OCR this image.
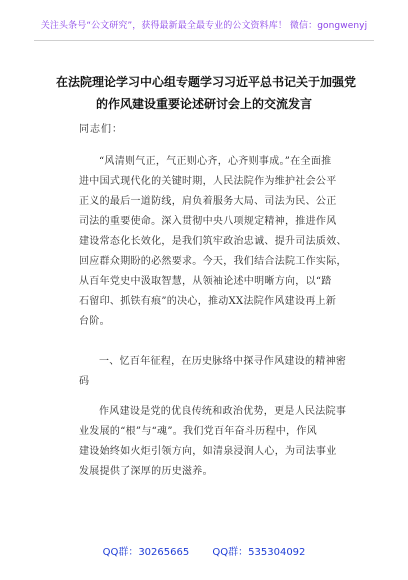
关注头条号“公文研究”，获得最新最全最专业的公文资料库！ 微信：gongwenyj
在法院理论学习中心组专题学习习近平总书记关于加强党
的作风建设重要论述研讨会上的交流发言
同志们：
“风清则气正，气正则心齐，心齐则事成。”在全面推
进中国式现代化的关键时期，人民法院作为维护社会公平
正义的最后一道防线，肩负着服务大局、司法为民、公正
司法的重要使命。深入贯彻中央八项规定精神，推进作风
建设常态化长效化，是我们筑牢政治忠诚、提升司法质效、
回应群众期盼的必然要求。今天，我们结合法院工作实际，
从百年党史中汲取智慧，从领袖论述中明晰方向，以“踏
石留印、抓铁有痕”的决心，推动XX法院作风建设再上新
台阶。
一、忆百年征程，在历史脉络中探寻作风建设的精神密
码
作风建设是党的优良传统和政治优势，更是人民法院事
业发展的“根”与“魂”。我们党百年奋斗历程中，作风
建设始终如火炬引领方向，如清泉浸润人心，为司法事业
发展提供了深厚的历史滋养。
QQ群：30265665 QQ群：535304092
